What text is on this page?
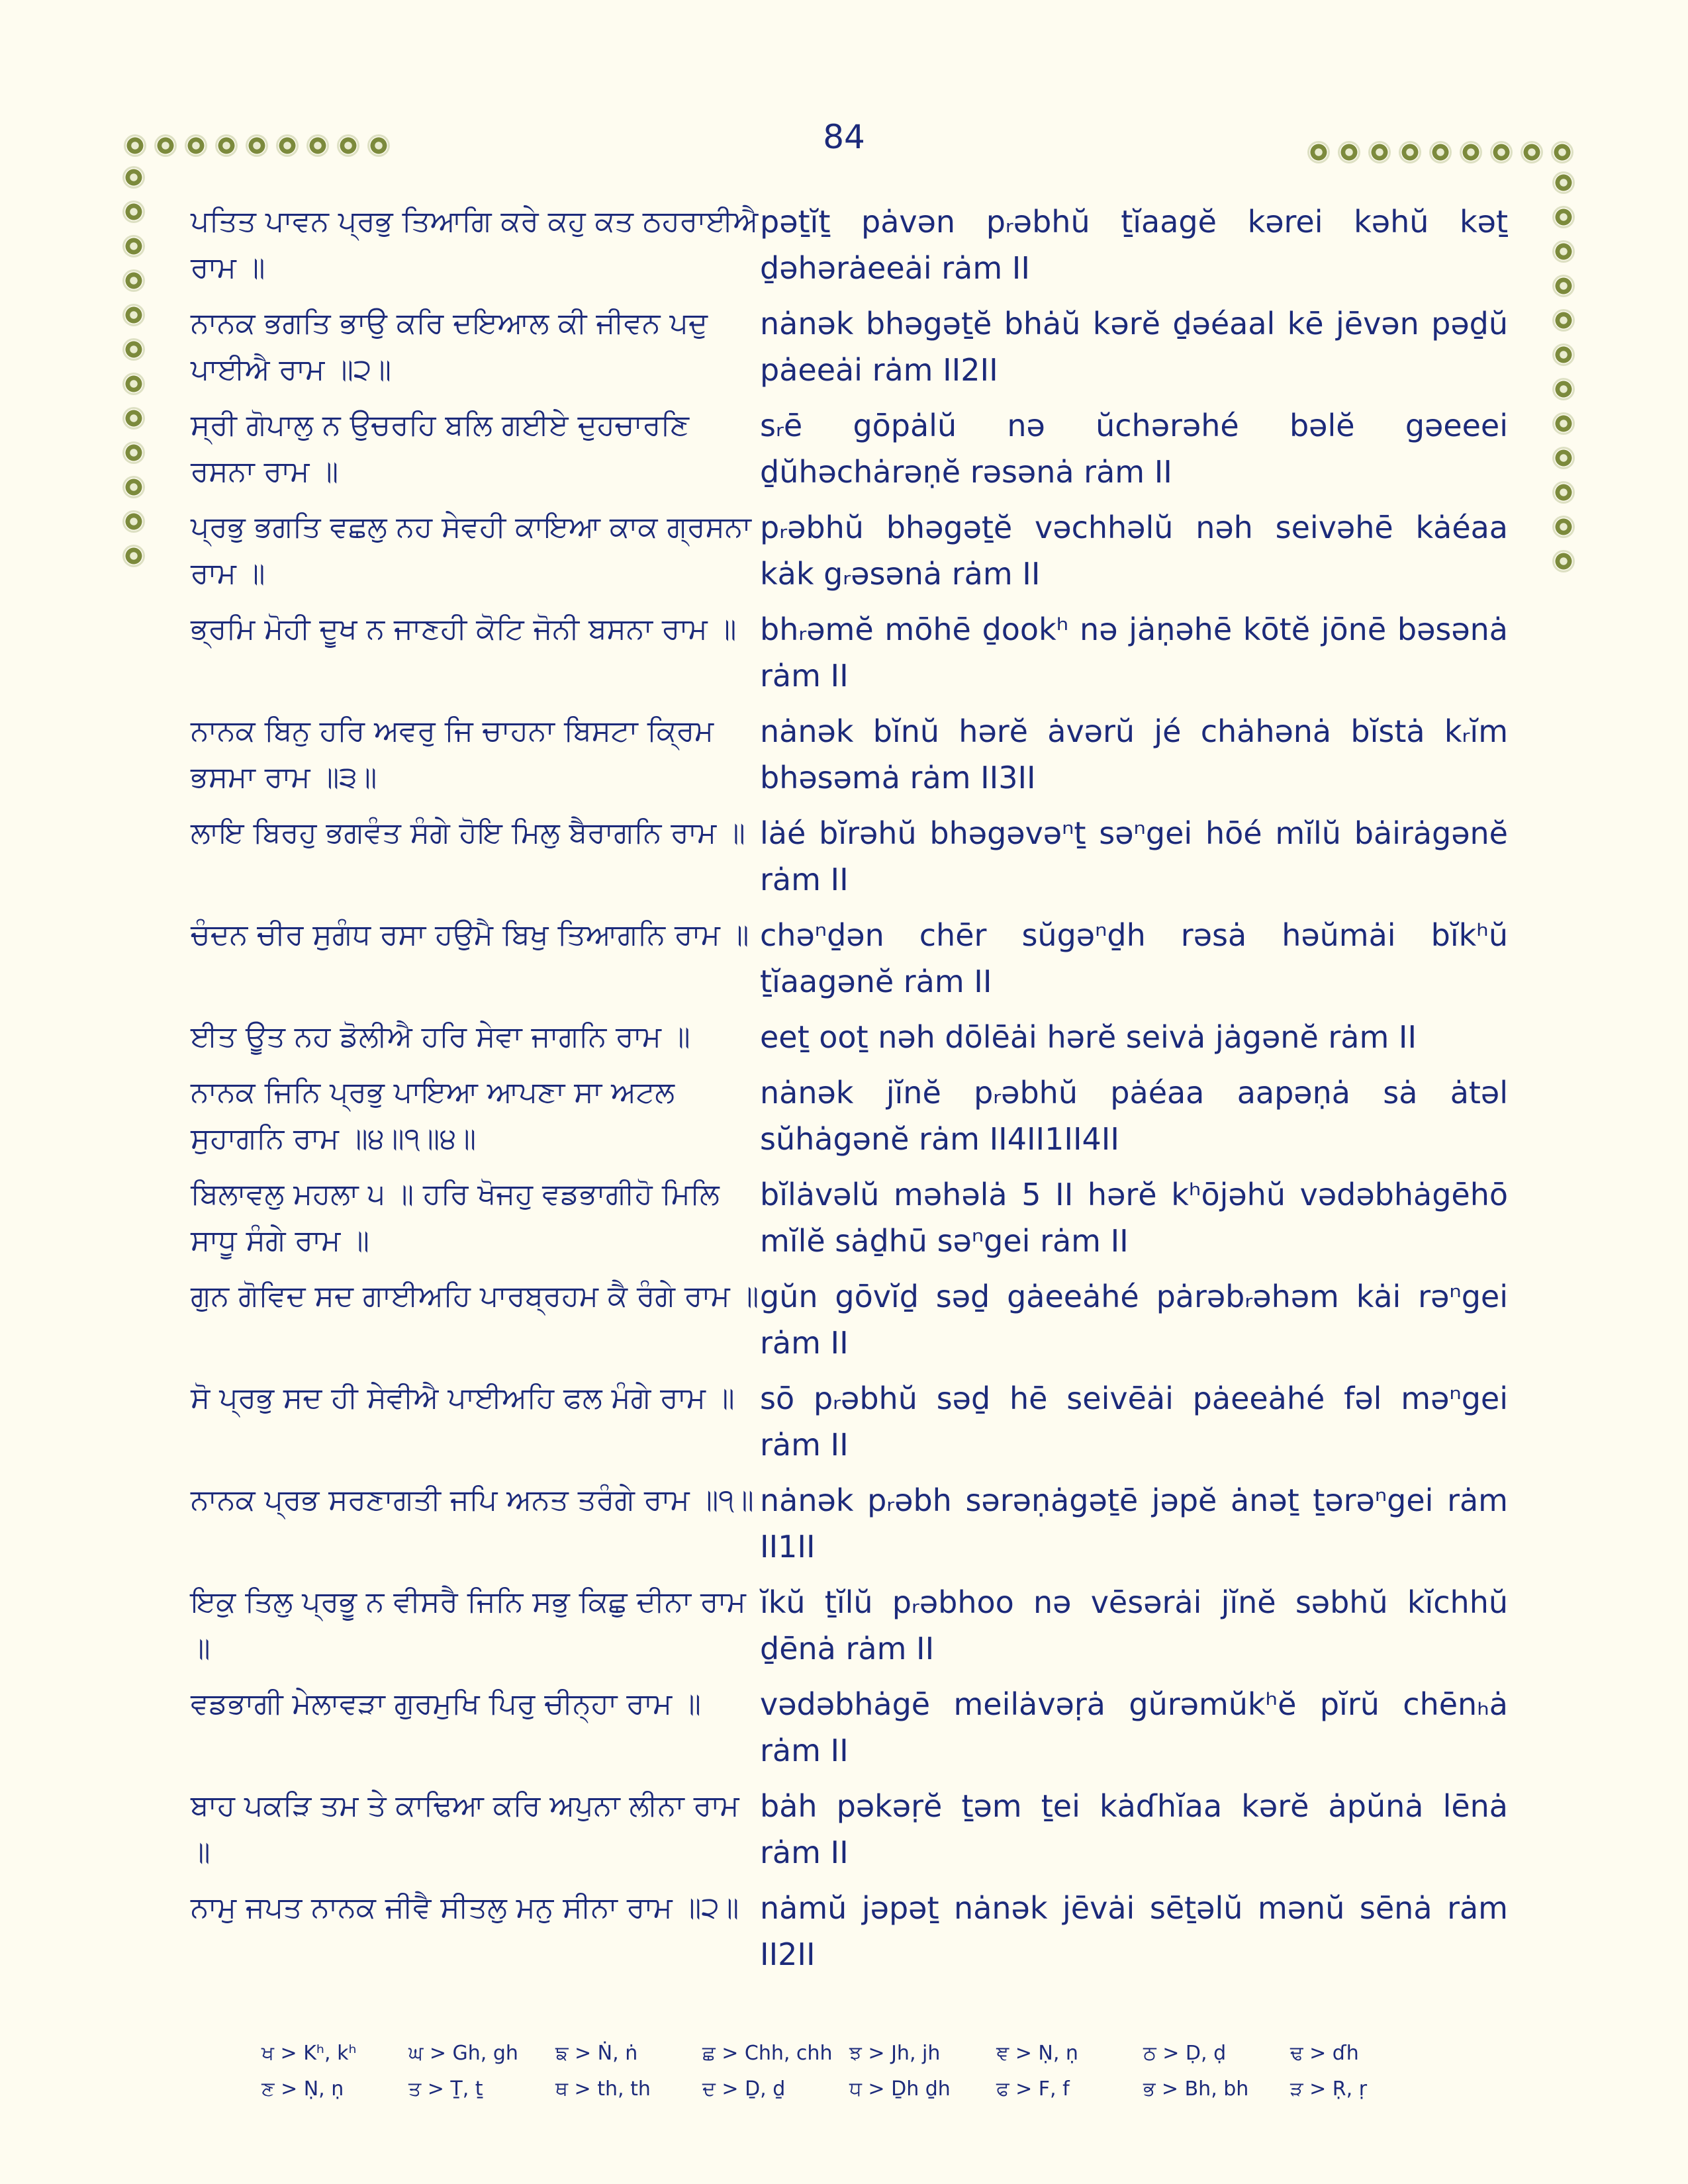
84
ਪਤਿਤ ਪਾਵਨ ਪ੍ਰਭੁ ਤਿਆਗਿ ਕਰੇ ਕਹੁ ਕਤ ਠਹਰਾਈਐ ਰਾਮ ॥
pəṯĭṯ pȧvən pᵣəbhŭ ṯĭaagĕ kərei kəhŭ kəṯ ḏəhərȧeeȧi rȧm II
ਨਾਨਕ ਭਗਤਿ ਭਾਉ ਕਰਿ ਦਇਆਲ ਕੀ ਜੀਵਨ ਪਦੁ ਪਾਈਐ ਰਾਮ ॥੨॥
nȧnək bhəgəṯĕ bhȧŭ kərĕ ḏəéaal kē jēvən pəḏŭ pȧeeȧi rȧm II2II
ਸ੍ਰੀ ਗੋਪਾਲੁ ਨ ਉਚਰਹਿ ਬਲਿ ਗਈਏ ਦੁਹਚਾਰਣਿ ਰਸਨਾ ਰਾਮ ॥
sᵣē gōpȧlŭ nə ŭchərəhé bəlĕ gəeeei ḏŭhəchȧrəṇĕ rəsənȧ rȧm II
ਪ੍ਰਭੁ ਭਗਤਿ ਵਛਲੁ ਨਹ ਸੇਵਹੀ ਕਾਇਆ ਕਾਕ ਗ੍ਰਸਨਾ ਰਾਮ ॥
pᵣəbhŭ bhəgəṯĕ vəchhəlŭ nəh seivəhē kȧéaa kȧk gᵣəsənȧ rȧm II
ਭ੍ਰਮਿ ਮੋਹੀ ਦੂਖ ਨ ਜਾਣਹੀ ਕੋਟਿ ਜੋਨੀ ਬਸਨਾ ਰਾਮ ॥ bhᵣəmĕ mōhē ḏookʰ nə jȧṇəhē kōtĕ jōnē bəsənȧ rȧm II
ਨਾਨਕ ਬਿਨੁ ਹਰਿ ਅਵਰੁ ਜਿ ਚਾਹਨਾ ਬਿਸਟਾ ਕ੍ਰਿਮ ਭਸਮਾ ਰਾਮ ॥੩॥
nȧnək bĭnŭ hərĕ ȧvərŭ jé chȧhənȧ bĭstȧ kᵣĭm bhəsəmȧ rȧm II3II
ਲਾਇ ਬਿਰਹੁ ਭਗਵੰਤ ਸੰਗੇ ਹੋਇ ਮਿਲੁ ਬੈਰਾਗਨਿ ਰਾਮ ॥ lȧé bĭrəhŭ bhəgəvəⁿṯ səⁿgei hōé mĭlŭ bȧirȧgənĕ rȧm II
ਚੰਦਨ ਚੀਰ ਸੁਗੰਧ ਰਸਾ ਹਉਮੈ ਬਿਖੁ ਤਿਆਗਨਿ ਰਾਮ ॥ chəⁿḏən chēr sŭgəⁿḏh rəsȧ həŭmȧi bĭkʰŭ ṯĭaagənĕ rȧm II
ਈਤ ਊਤ ਨਹ ਡੋਲੀਐ ਹਰਿ ਸੇਵਾ ਜਾਗਨਿ ਰਾਮ ॥	eeṯ ooṯ nəh dōlēȧi hərĕ seivȧ jȧgənĕ rȧm II
ਨਾਨਕ ਜਿਨਿ ਪ੍ਰਭੁ ਪਾਇਆ ਆਪਣਾ ਸਾ ਅਟਲ ਸੁਹਾਗਨਿ ਰਾਮ ॥੪॥੧॥੪॥
nȧnək jĭnĕ pᵣəbhŭ pȧéaa aapəṇȧ sȧ ȧtəl sŭhȧgənĕ rȧm II4II1II4II
ਬਿਲਾਵਲੁ ਮਹਲਾ ੫ ॥ ਹਰਿ ਖੋਜਹੁ ਵਡਭਾਗੀਹੋ ਮਿਲਿ ਸਾਧੂ ਸੰਗੇ ਰਾਮ ॥
bĭlȧvəlŭ məhəlȧ 5 II hərĕ kʰōjəhŭ vədəbhȧgēhō mĭlĕ sȧḏhū səⁿgei rȧm II
ਗੁਨ ਗੋਵਿਦ ਸਦ ਗਾਈਅਹਿ ਪਾਰਬ੍ਰਹਮ ਕੈ ਰੰਗੇ ਰਾਮ ॥ gŭn gōvĭḏ səḏ gȧeeȧhé pȧrəbᵣəhəm kȧi rəⁿgei rȧm II
ਸੋ ਪ੍ਰਭੁ ਸਦ ਹੀ ਸੇਵੀਐ ਪਾਈਅਹਿ ਫਲ ਮੰਗੇ ਰਾਮ ॥ sō pᵣəbhŭ səḏ hē seivēȧi pȧeeȧhé fəl məⁿgei rȧm II
ਨਾਨਕ ਪ੍ਰਭ ਸਰਣਾਗਤੀ ਜਪਿ ਅਨਤ ਤਰੰਗੇ ਰਾਮ ॥੧॥ nȧnək pᵣəbh sərəṇȧgəṯē jəpĕ ȧnəṯ ṯərəⁿgei rȧm II1II
ਇਕੁ ਤਿਲੁ ਪ੍ਰਭੂ ਨ ਵੀਸਰੈ ਜਿਨਿ ਸਭੁ ਕਿਛੁ ਦੀਨਾ ਰਾਮ ॥
ĭkŭ ṯĭlŭ pᵣəbhoo nə vēsərȧi jĭnĕ səbhŭ kĭchhŭ ḏēnȧ rȧm II
ਵਡਭਾਗੀ ਮੇਲਾਵੜਾ ਗੁਰਮੁਖਿ ਪਿਰੁ ਚੀਨ੍ਹਾ ਰਾਮ ॥	vədəbhȧgē meilȧvəṛȧ gŭrəmŭkʰĕ pĭrŭ chēnₕȧ rȧm II
ਬਾਹ ਪਕੜਿ ਤਮ ਤੇ ਕਾਢਿਆ ਕਰਿ ਅਪੁਨਾ ਲੀਨਾ ਰਾਮ ॥
bȧh pəkəṛĕ ṯəm ṯei kȧɗhĭaa kərĕ ȧpŭnȧ lēnȧ rȧm II
ਨਾਮੁ ਜਪਤ ਨਾਨਕ ਜੀਵੈ ਸੀਤਲੁ ਮਨੁ ਸੀਨਾ ਰਾਮ ॥੨॥ nȧmŭ jəpəṯ nȧnək jēvȧi sēṯəlŭ mənŭ sēnȧ rȧm II2II
ਖ > Kʰ, kʰ	ਘ > Gh, gh	ਙ > Ṅ, ṅ	ਛ > Chh, chh ਝ > Jh, jh	ਞ > Ṇ, ṇ	ਠ > Ḍ, ḍ	ਢ > ɗh
ਣ > Ṇ, ṇ	ਤ > Ṯ, ṯ	ਥ > th, th	ਦ > Ḏ, ḏ	ਧ > Ḏh ḏh	ਫ > F, f	ਭ > Bh, bh	ੜ > Ṛ, ṛ
